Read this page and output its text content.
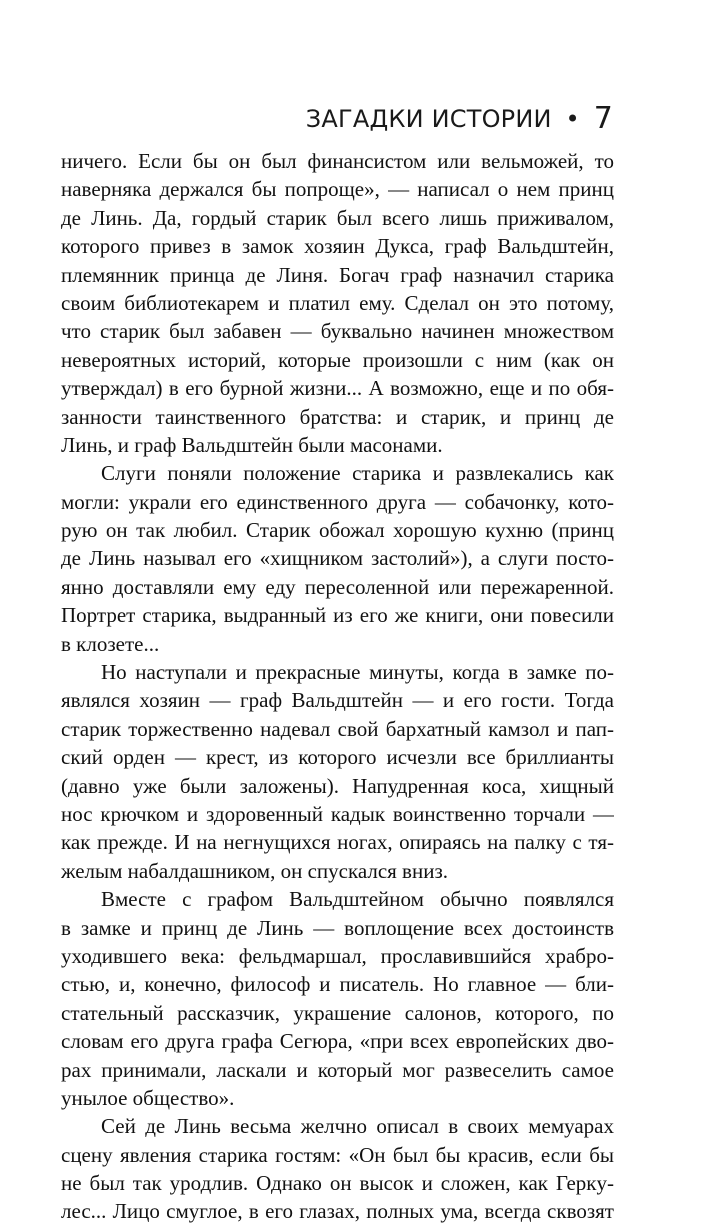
ЗАГАДКИ ИСТОРИИ • 7
ничего. Если бы он был финансистом или вельможей, то
наверняка держался бы попроще», — написал о нем принц
де Линь. Да, гордый старик был всего лишь приживалом,
которого привез в замок хозяин Дукса, граф Вальдштейн,
племянник принца де Линя. Богач граф назначил старика
своим библиотекарем и платил ему. Сделал он это потому,
что старик был забавен — буквально начинен множеством
невероятных историй, которые произошли с ним (как он
утверждал) в его бурной жизни... А возможно, еще и по обя-
занности таинственного братства: и старик, и принц де
Линь, и граф Вальдштейн были масонами.
Слуги поняли положение старика и развлекались как
могли: украли его единственного друга — собачонку, кото-
рую он так любил. Старик обожал хорошую кухню (принц
де Линь называл его «хищником застолий»), а слуги посто-
янно доставляли ему еду пересоленной или пережаренной.
Портрет старика, выдранный из его же книги, они повесили
в клозете...
Но наступали и прекрасные минуты, когда в замке по-
являлся хозяин — граф Вальдштейн — и его гости. Тогда
старик торжественно надевал свой бархатный камзол и пап-
ский орден — крест, из которого исчезли все бриллианты
(давно уже были заложены). Напудренная коса, хищный
нос крючком и здоровенный кадык воинственно торчали —
как прежде. И на негнущихся ногах, опираясь на палку с тя-
желым набалдашником, он спускался вниз.
Вместе с графом Вальдштейном обычно появлялся
в замке и принц де Линь — воплощение всех достоинств
уходившего века: фельдмаршал, прославившийся храбро-
стью, и, конечно, философ и писатель. Но главное — бли-
стательный рассказчик, украшение салонов, которого, по
словам его друга графа Сегюра, «при всех европейских дво-
рах принимали, ласкали и который мог развеселить самое
унылое общество».
Сей де Линь весьма желчно описал в своих мемуарах
сцену явления старика гостям: «Он был бы красив, если бы
не был так уродлив. Однако он высок и сложен, как Геркy-
лес... Лицо смуглое, в его глазах, полных ума, всегда сквозят
